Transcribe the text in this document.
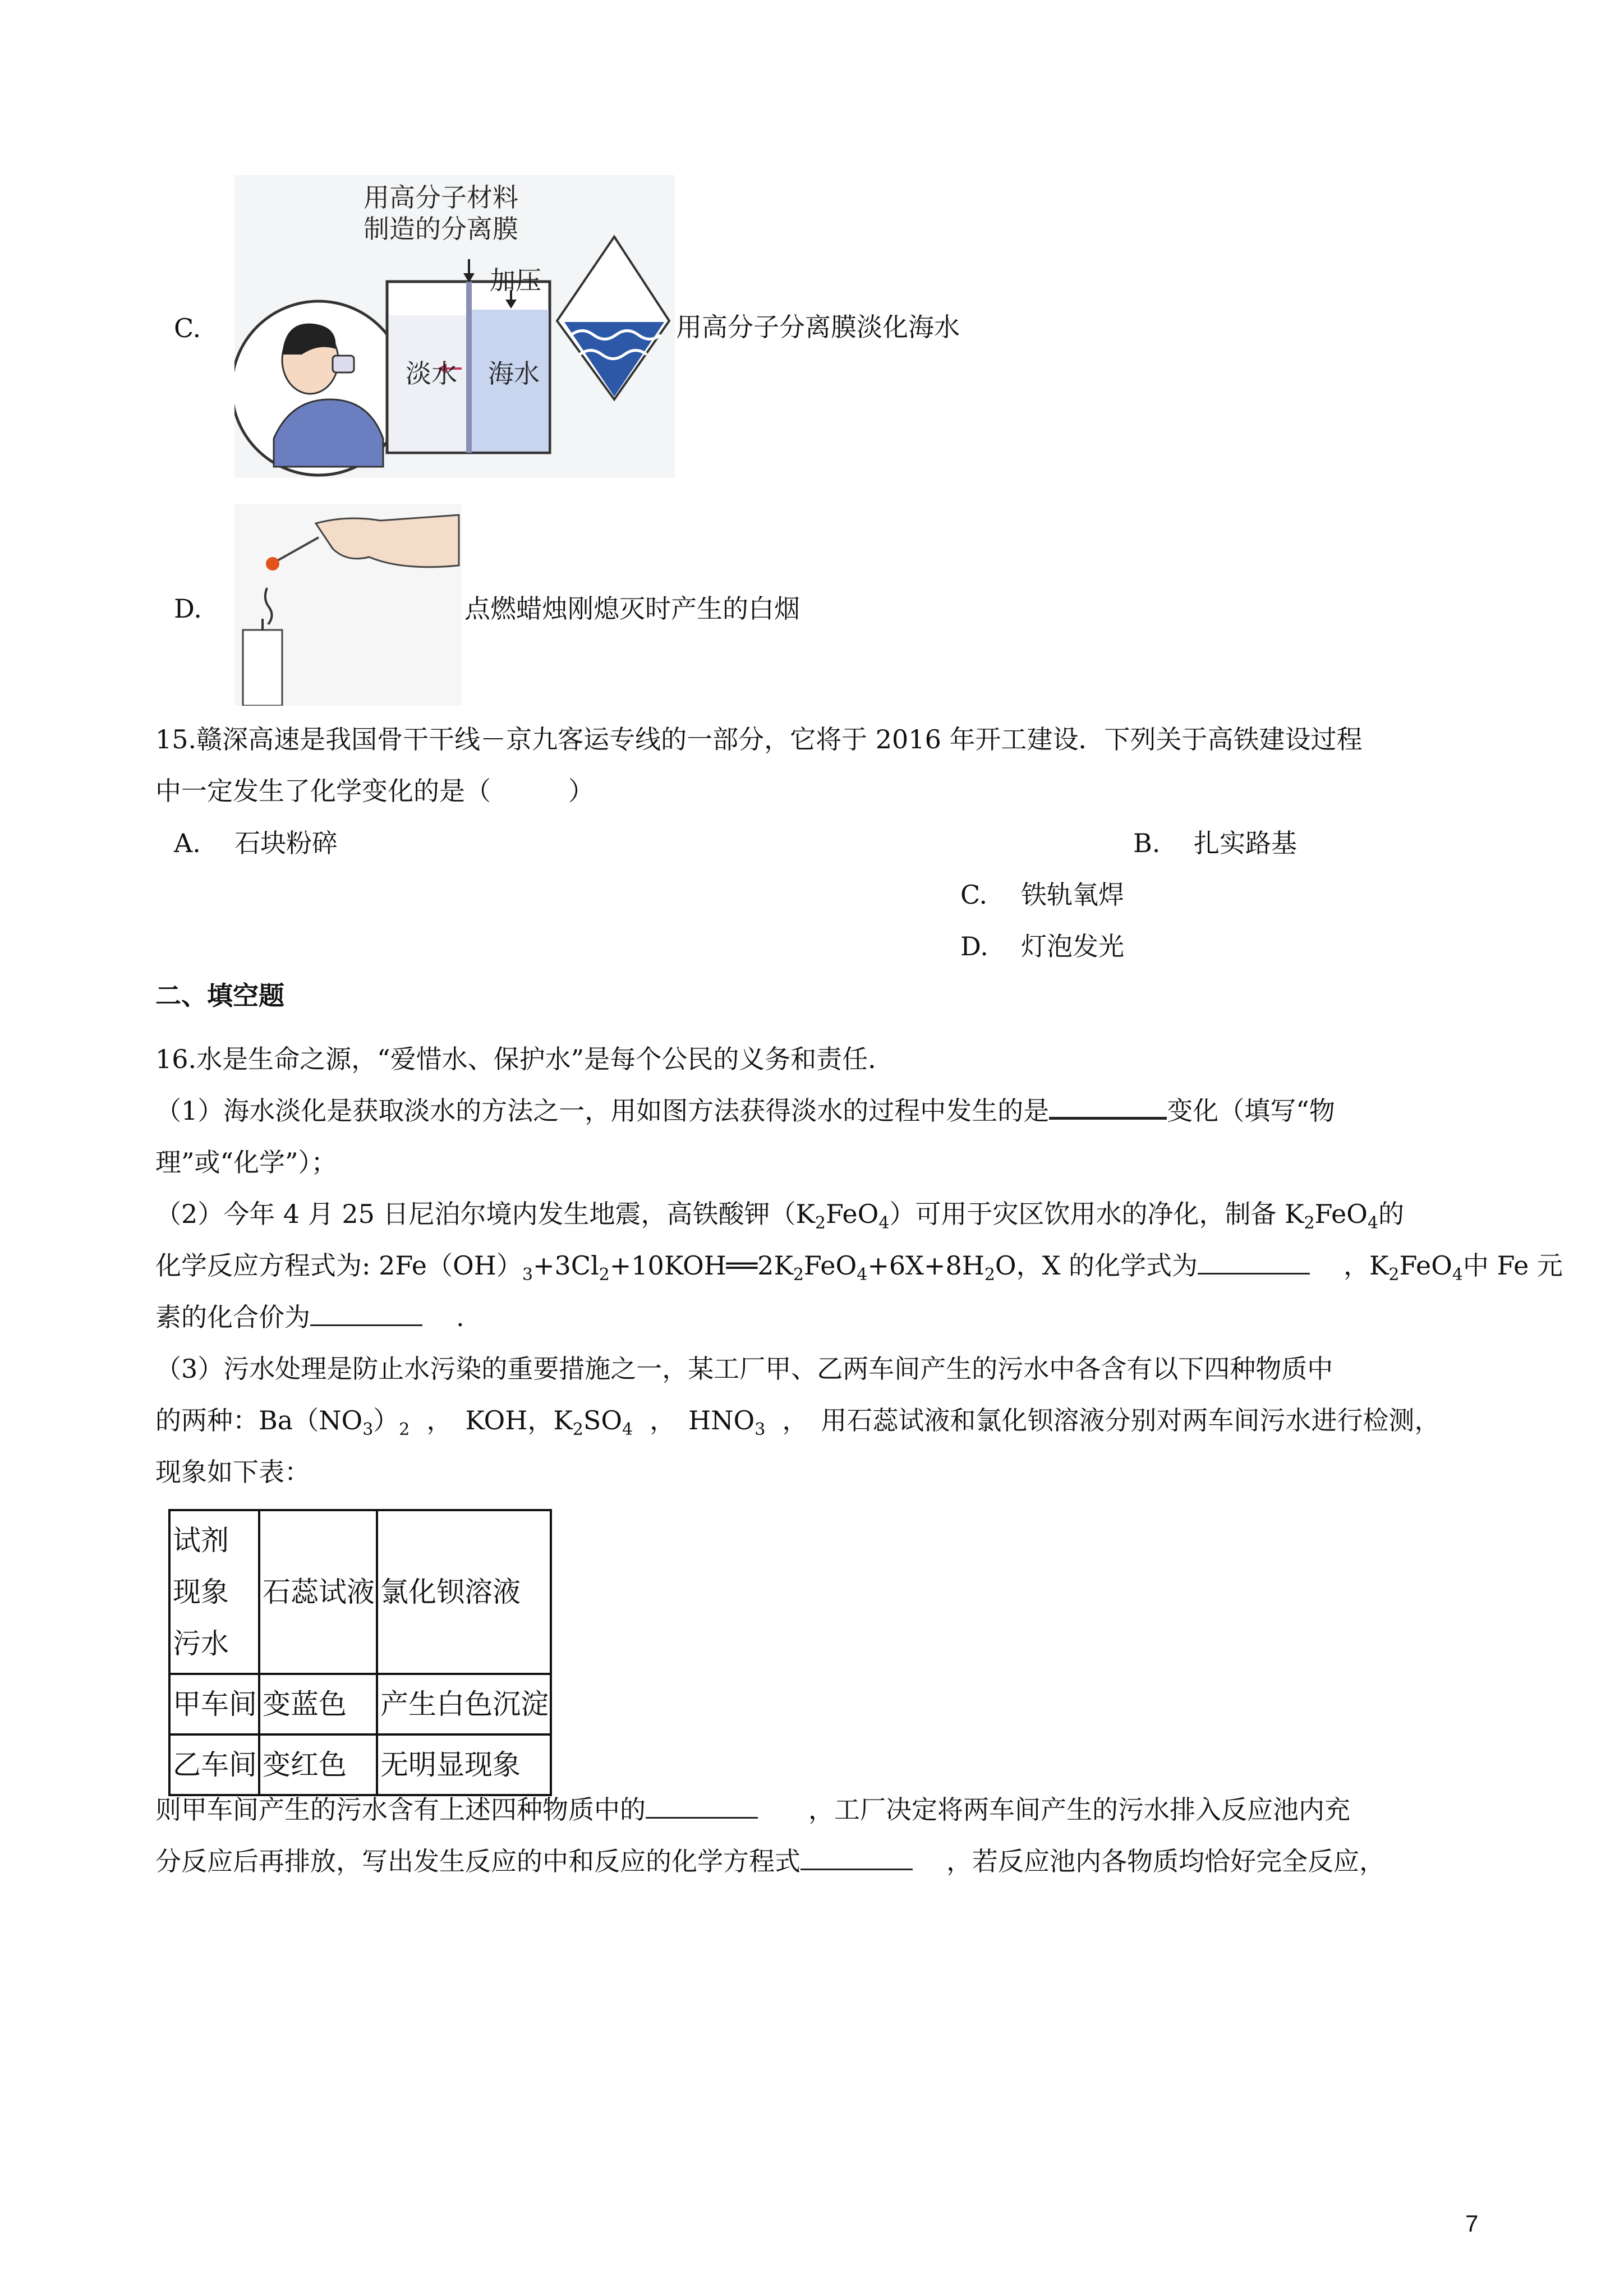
C.
用高分子材料
制造的分离膜
加压
淡水 海水
用高分子分离膜淡化海水
D.	点燃蜡烛刚熄灭时产生的白烟
15.赣深高速是我国骨干干线－京九客运专线的一部分，它将于 2016 年开工建设．下列关于高铁建设过程
中一定发生了化学变化的是（　　　）
A. 石块粉碎	B. 扎实路基
C. 铁轨氧焊
D. 灯泡发光
二、填空题
16.水是生命之源，“爱惜水、保护水”是每个公民的义务和责任．
（1）海水淡化是获取淡水的方法之一，用如图方法获得淡水的过程中发生的是	变化（填写“物
理”或“化学”）；
（2）今年 4 月 25 日尼泊尔境内发生地震，高铁酸钾$(K_2FeO_4)$可用于灾区饮用水的净化，制备 $K_2FeO_4$的
化学反应方程式为: $2Fe(OH)_3+3Cl_2+10KOH══2K_2FeO_4+6X+8H_2O$，X 的化学式为	，$K_2FeO_4$中 Fe 元
素的化合价为	.
（3）污水处理是防止水污染的重要措施之一，某工厂甲、乙两车间产生的污水中各含有以下四种物质中
的两种：$Ba(NO_3)_2$ ，　KOH，$K_2SO_4$ ，　$HNO_3$ ，　用石蕊试液和氯化钡溶液分别对两车间污水进行检测，
现象如下表：
试剂
现象
污水	石蕊试液	氯化钡溶液
甲车间	变蓝色	产生白色沉淀
乙车间	变红色	无明显现象
则甲车间产生的污水含有上述四种物质中的	，工厂决定将两车间产生的污水排入反应池内充
分反应后再排放，写出发生反应的中和反应的化学方程式	，若反应池内各物质均恰好完全反应，
7
